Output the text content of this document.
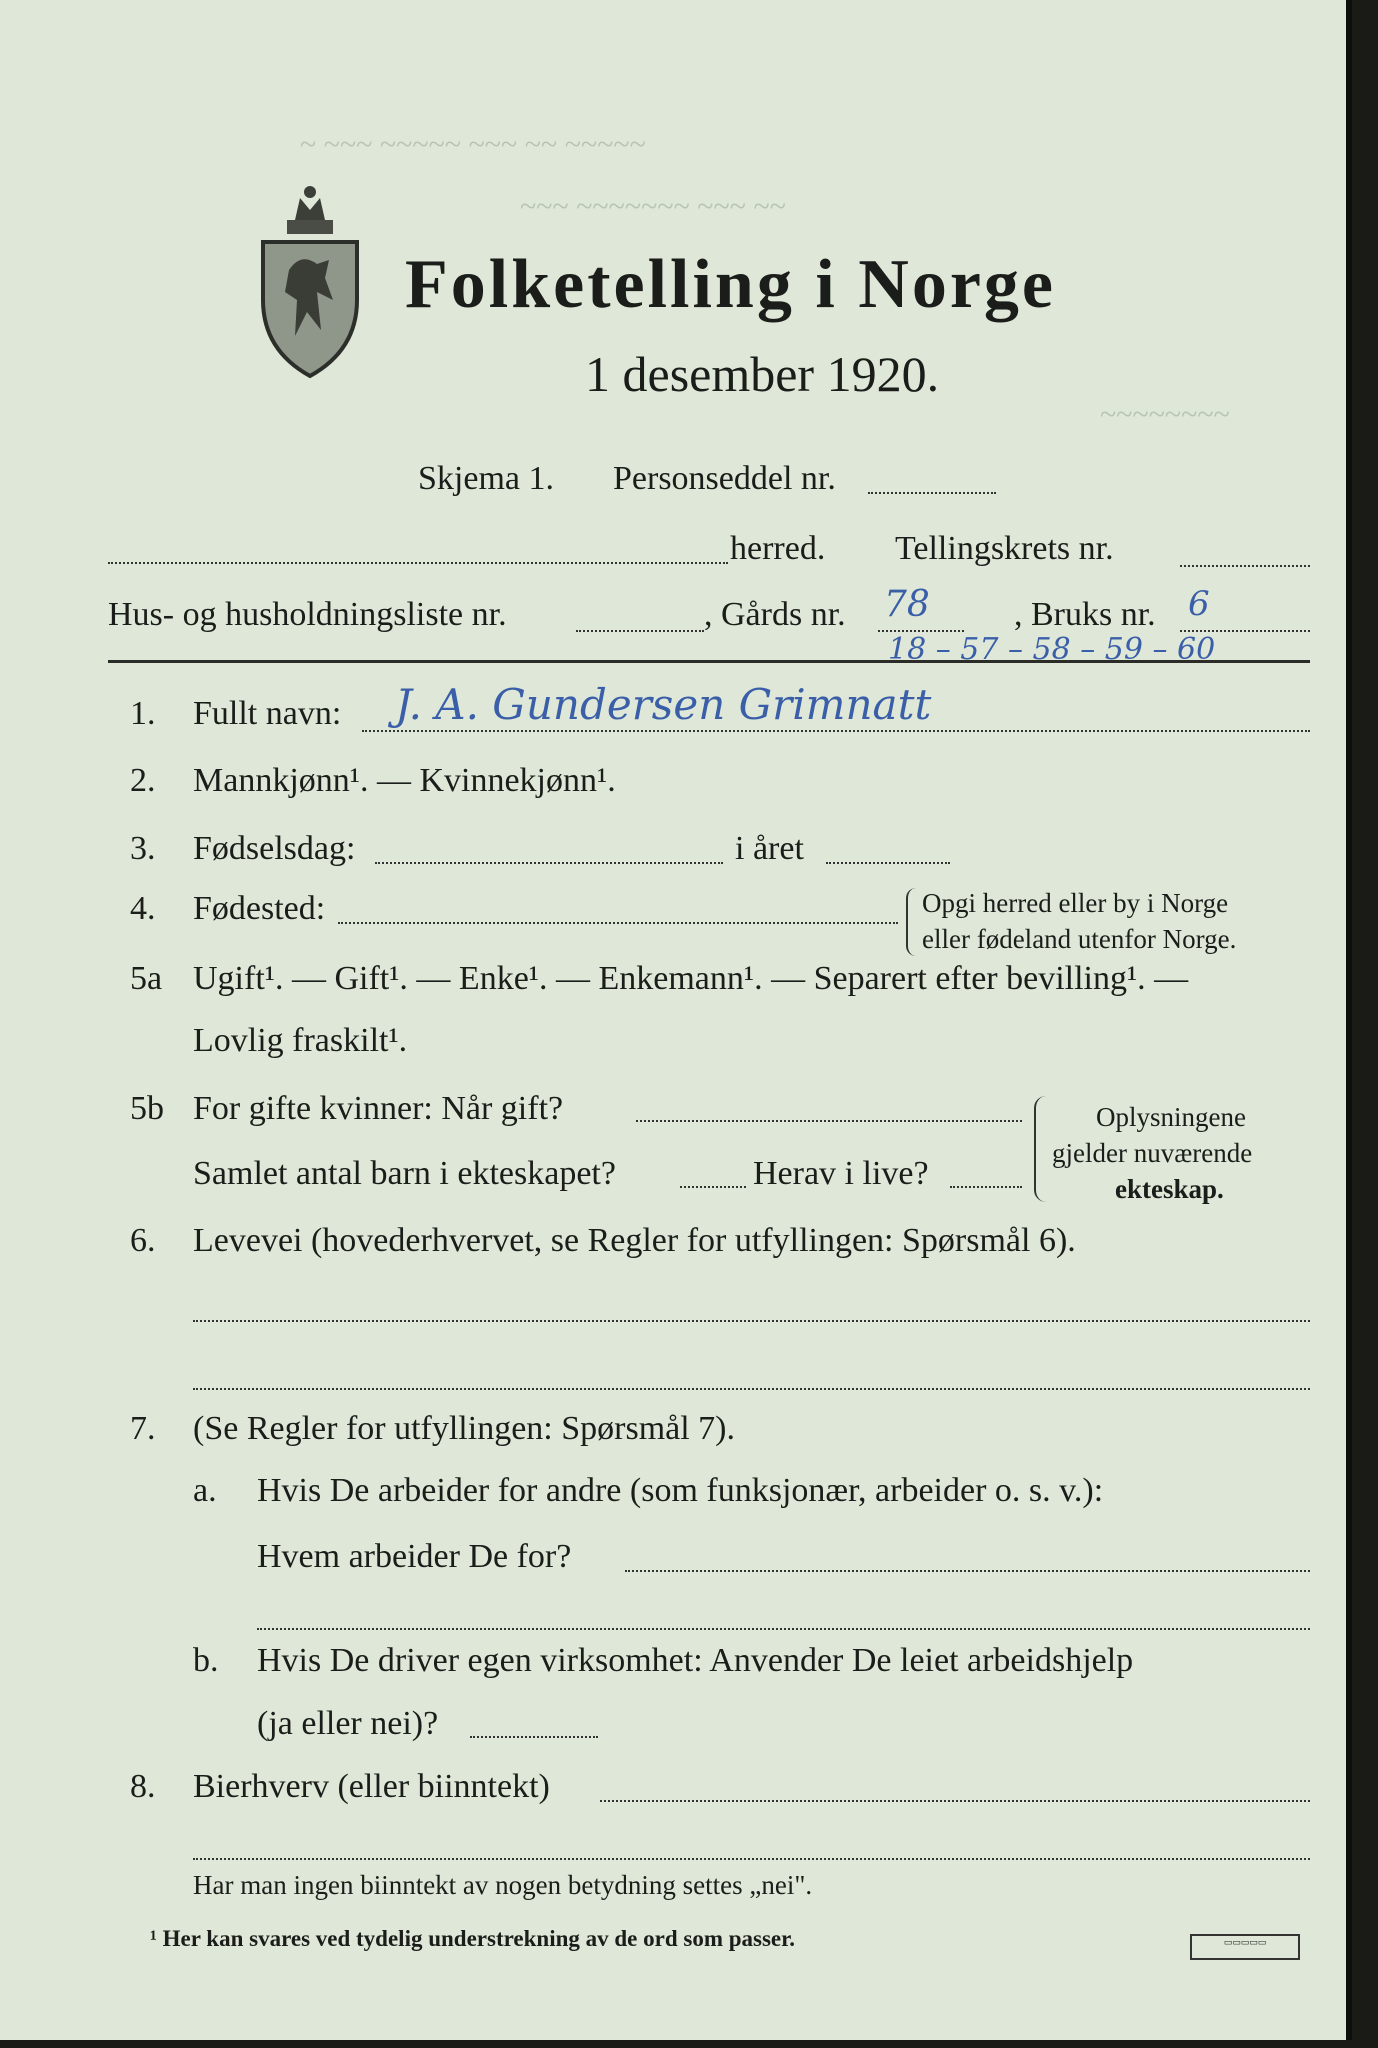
~ ~~~ ~~~~~ ~~~ ~~ ~~~~~
~~~ ~~~~~~~ ~~~ ~~
~~~~~~~~
Folketelling i Norge
1 desember 1920.
Skjema 1. Personseddel nr.
herred. Tellingskrets nr.
Hus- og husholdningsliste nr.	, Gårds nr. 78 , Bruks nr. 6
18 – 57 – 58 – 59 – 60
1. Fullt navn: J. A. Gundersen Grimnatt
2. Mannkjønn¹. — Kvinnekjønn¹.
3. Fødselsdag:	i året
4. Fødested:	Opgi herred eller by i Norge
eller fødeland utenfor Norge.
5a Ugift¹. — Gift¹. — Enke¹. — Enkemann¹. — Separert efter bevilling¹. —
Lovlig fraskilt¹.
5b For gifte kvinner: Når gift?
Samlet antal barn i ekteskapet?	Herav i live?
Oplysningene
gjelder nuværende
ekteskap.
6. Levevei (hovederhvervet, se Regler for utfyllingen: Spørsmål 6).
7. (Se Regler for utfyllingen: Spørsmål 7).
a. Hvis De arbeider for andre (som funksjonær, arbeider o. s. v.):
Hvem arbeider De for?
b. Hvis De driver egen virksomhet: Anvender De leiet arbeidshjelp
(ja eller nei)?
8. Bierhverv (eller biinntekt)
Har man ingen biinntekt av nogen betydning settes „nei".
¹ Her kan svares ved tydelig understrekning av de ord som passer.	▭▭▭▭▭
